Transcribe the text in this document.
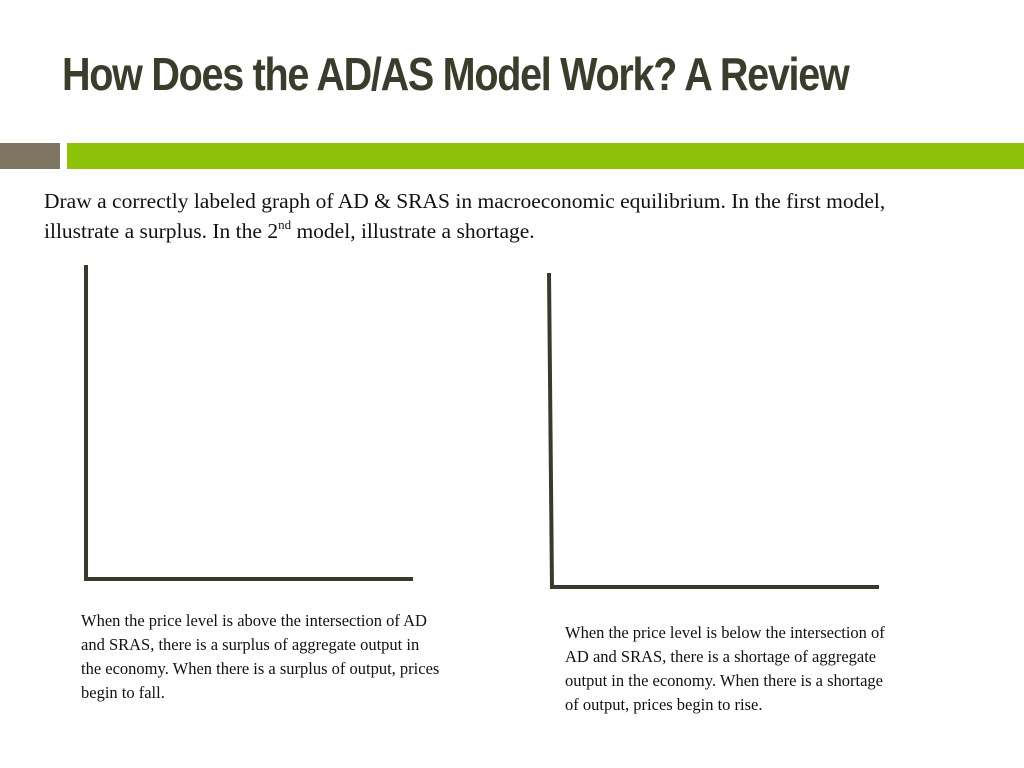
How Does the AD/AS Model Work? A Review

Draw a correctly labeled graph of AD & SRAS in macroeconomic equilibrium. In the first model, illustrate a surplus. In the 2nd model, illustrate a shortage.

When the price level is above the intersection of AD and SRAS, there is a surplus of aggregate output in the economy. When there is a surplus of output, prices begin to fall.

When the price level is below the intersection of AD and SRAS, there is a shortage of aggregate output in the economy. When there is a shortage of output, prices begin to rise.
